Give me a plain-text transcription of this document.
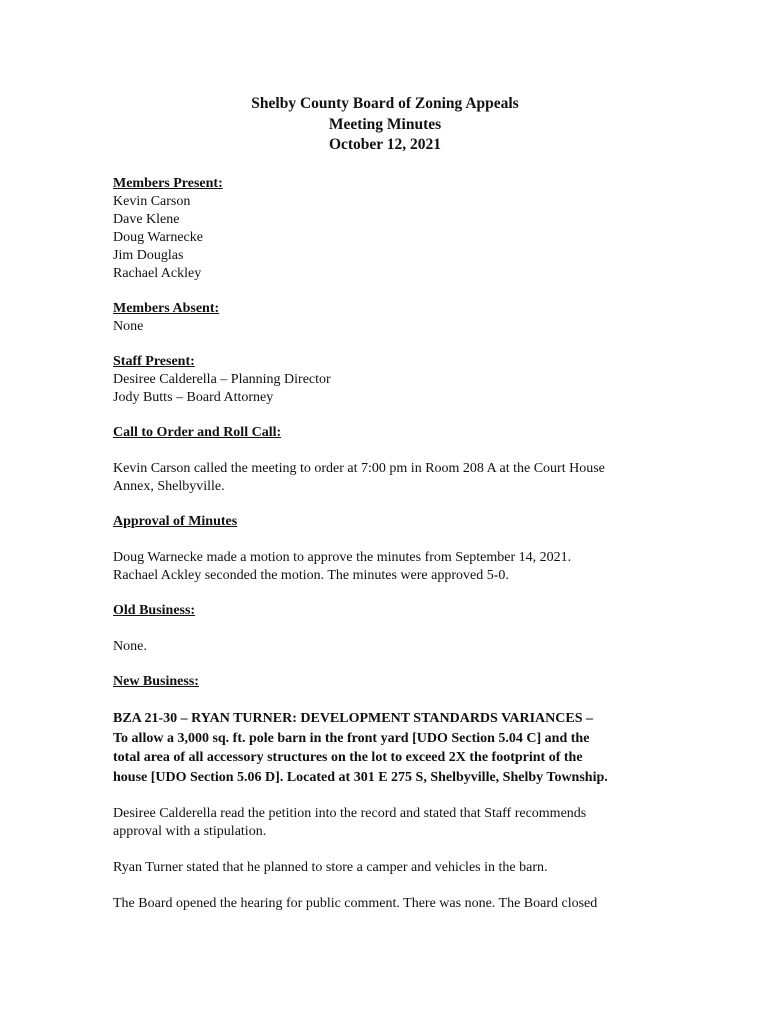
Shelby County Board of Zoning Appeals
Meeting Minutes
October 12, 2021
Members Present:
Kevin Carson
Dave Klene
Doug Warnecke
Jim Douglas
Rachael Ackley
Members Absent:
None
Staff Present:
Desiree Calderella – Planning Director
Jody Butts – Board Attorney
Call to Order and Roll Call:
Kevin Carson called the meeting to order at 7:00 pm in Room 208 A at the Court House
Annex, Shelbyville.
Approval of Minutes
Doug Warnecke made a motion to approve the minutes from September 14, 2021.
Rachael Ackley seconded the motion. The minutes were approved 5-0.
Old Business:
None.
New Business:
BZA 21-30 – RYAN TURNER: DEVELOPMENT STANDARDS VARIANCES –
To allow a 3,000 sq. ft. pole barn in the front yard [UDO Section 5.04 C] and the
total area of all accessory structures on the lot to exceed 2X the footprint of the
house [UDO Section 5.06 D]. Located at 301 E 275 S, Shelbyville, Shelby Township.
Desiree Calderella read the petition into the record and stated that Staff recommends
approval with a stipulation.
Ryan Turner stated that he planned to store a camper and vehicles in the barn.
The Board opened the hearing for public comment. There was none. The Board closed
